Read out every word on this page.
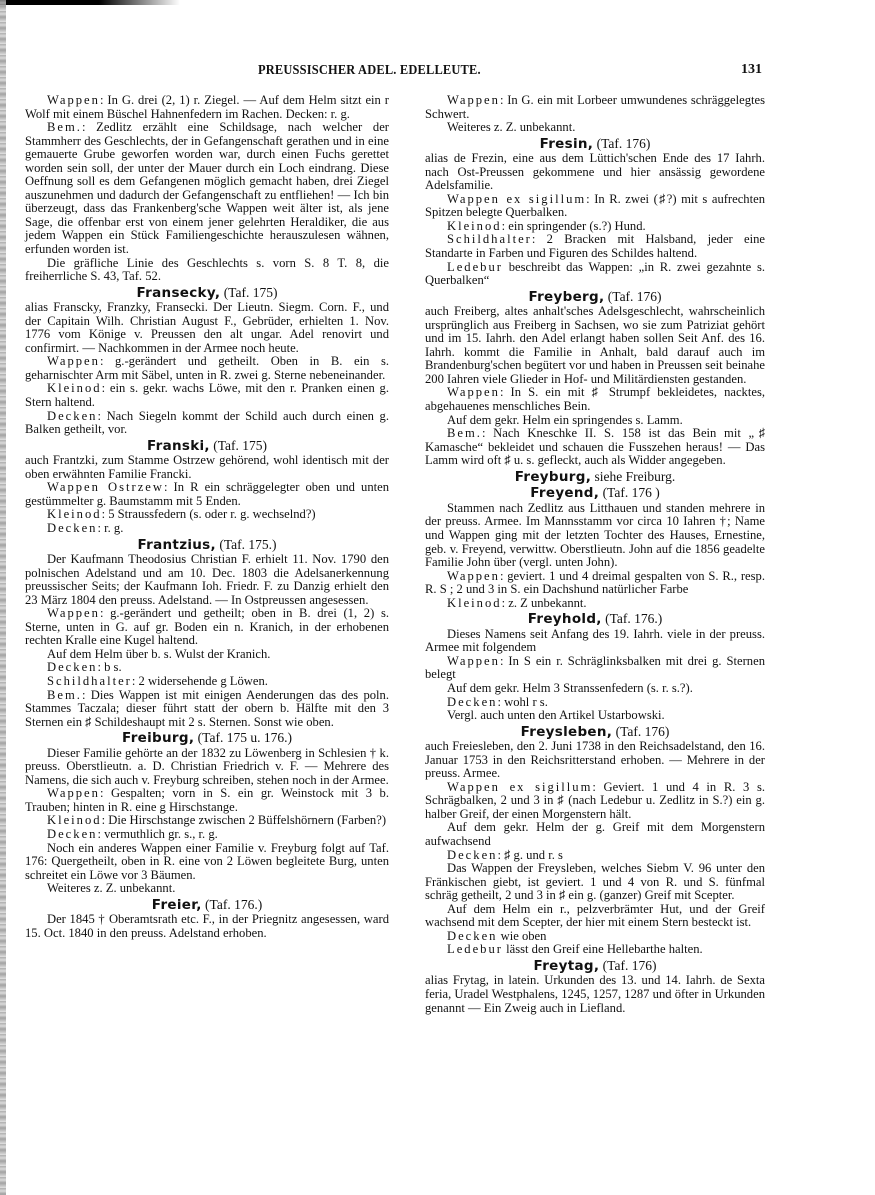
PREUSSISCHER ADEL. EDELLEUTE.	131

Wappen: In G. drei (2, 1) r. Ziegel. — Auf dem Helm sitzt ein r Wolf mit einem Büschel Hahnenfedern im Rachen. Decken: r. g.

Bem.: Zedlitz erzählt eine Schildsage, nach welcher der Stammherr des Geschlechts, der in Gefangenschaft gerathen und in eine gemauerte Grube geworfen worden war, durch einen Fuchs gerettet worden sein soll, der unter der Mauer durch ein Loch eindrang. Diese Oeffnung soll es dem Gefangenen möglich gemacht haben, drei Ziegel auszunehmen und dadurch der Gefangenschaft zu entfliehen! — Ich bin überzeugt, dass das Frankenberg'sche Wappen weit älter ist, als jene Sage, die offenbar erst von einem jener gelehrten Heraldiker, die aus jedem Wappen ein Stück Familiengeschichte herauszulesen wähnen, erfunden worden ist.

Die gräfliche Linie des Geschlechts s. vorn S. 8 T. 8, die freiherrliche S. 43, Taf. 52.

Fransecky, (Taf. 175)

alias Franscky, Franzky, Fransecki. Der Lieutn. Siegm. Corn. F., und der Capitain Wilh. Christian August F., Gebrüder, erhielten 1. Nov. 1776 vom Könige v. Preussen den alt ungar. Adel renovirt und confirmirt. — Nachkommen in der Armee noch heute.

Wappen: g.-gerändert und getheilt. Oben in B. ein s. geharnischter Arm mit Säbel, unten in R. zwei g. Sterne nebeneinander.

Kleinod: ein s. gekr. wachs Löwe, mit den r. Pranken einen g. Stern haltend.

Decken: Nach Siegeln kommt der Schild auch durch einen g. Balken getheilt, vor.

Franski, (Taf. 175)

auch Frantzki, zum Stamme Ostrzew gehörend, wohl identisch mit der oben erwähnten Familie Francki.

Wappen Ostrzew: In R ein schräggelegter oben und unten gestümmelter g. Baumstamm mit 5 Enden.

Kleinod: 5 Straussfedern (s. oder r. g. wechselnd?)

Decken: r. g.

Frantzius, (Taf. 175.)

Der Kaufmann Theodosius Christian F. erhielt 11. Nov. 1790 den polnischen Adelstand und am 10. Dec. 1803 die Adelsanerkennung preussischer Seits; der Kaufmann Ioh. Friedr. F. zu Danzig erhielt den 23 März 1804 den preuss. Adelstand. — In Ostpreussen angesessen.

Wappen: g.-gerändert und getheilt; oben in B. drei (1, 2) s. Sterne, unten in G. auf gr. Boden ein n. Kranich, in der erhobenen rechten Kralle eine Kugel haltend.

Auf dem Helm über b. s. Wulst der Kranich.

Decken: b s.

Schildhalter: 2 widersehende g Löwen.

Bem.: Dies Wappen ist mit einigen Aenderungen das des poln. Stammes Taczala; dieser führt statt der obern b. Hälfte mit den 3 Sternen ein ♯ Schildeshaupt mit 2 s. Sternen. Sonst wie oben.

Freiburg, (Taf. 175 u. 176.)

Dieser Familie gehörte an der 1832 zu Löwenberg in Schlesien † k. preuss. Oberstlieutn. a. D. Christian Friedrich v. F. — Mehrere des Namens, die sich auch v. Freyburg schreiben, stehen noch in der Armee.

Wappen: Gespalten; vorn in S. ein gr. Weinstock mit 3 b. Trauben; hinten in R. eine g Hirschstange.

Kleinod: Die Hirschstange zwischen 2 Büffelshörnern (Farben?)

Decken: vermuthlich gr. s., r. g.

Noch ein anderes Wappen einer Familie v. Freyburg folgt auf Taf. 176: Quergetheilt, oben in R. eine von 2 Löwen begleitete Burg, unten schreitet ein Löwe vor 3 Bäumen.

Weiteres z. Z. unbekannt.

Freier, (Taf. 176.)

Der 1845 † Oberamtsrath etc. F., in der Priegnitz angesessen, ward 15. Oct. 1840 in den preuss. Adelstand erhoben.

Wappen: In G. ein mit Lorbeer umwundenes schräggelegtes Schwert.

Weiteres z. Z. unbekannt.

Fresin, (Taf. 176)

alias de Frezin, eine aus dem Lüttich'schen Ende des 17 Iahrh. nach Ost-Preussen gekommene und hier ansässig gewordene Adelsfamilie.

Wappen ex sigillum: In R. zwei (♯?) mit s aufrechten Spitzen belegte Querbalken.

Kleinod: ein springender (s.?) Hund.

Schildhalter: 2 Bracken mit Halsband, jeder eine Standarte in Farben und Figuren des Schildes haltend.

Ledebur beschreibt das Wappen: „in R. zwei gezahnte s. Querbalken“

Freyberg, (Taf. 176)

auch Freiberg, altes anhalt'sches Adelsgeschlecht, wahrscheinlich ursprünglich aus Freiberg in Sachsen, wo sie zum Patriziat gehört und im 15. Iahrh. den Adel erlangt haben sollen Seit Anf. des 16. Iahrh. kommt die Familie in Anhalt, bald darauf auch im Brandenburg'schen begütert vor und haben in Preussen seit beinahe 200 Iahren viele Glieder in Hof- und Militärdiensten gestanden.

Wappen: In S. ein mit ♯ Strumpf bekleidetes, nacktes, abgehauenes menschliches Bein.

Auf dem gekr. Helm ein springendes s. Lamm.

Bem.: Nach Kneschke II. S. 158 ist das Bein mit „♯ Kamasche“ bekleidet und schauen die Fusszehen heraus! — Das Lamm wird oft ♯ u. s. gefleckt, auch als Widder angegeben.

Freyburg, siehe Freiburg.
Freyend, (Taf. 176 )

Stammen nach Zedlitz aus Litthauen und standen mehrere in der preuss. Armee. Im Mannsstamm vor circa 10 Iahren †; Name und Wappen ging mit der letzten Tochter des Hauses, Ernestine, geb. v. Freyend, verwittw. Oberstlieutn. John auf die 1856 geadelte Familie John über (vergl. unten John).

Wappen: geviert. 1 und 4 dreimal gespalten von S. R., resp. R. S ; 2 und 3 in S. ein Dachshund natürlicher Farbe

Kleinod: z. Z unbekannt.

Freyhold, (Taf. 176.)

Dieses Namens seit Anfang des 19. Iahrh. viele in der preuss. Armee mit folgendem

Wappen: In S ein r. Schräglinksbalken mit drei g. Sternen belegt

Auf dem gekr. Helm 3 Stranssenfedern (s. r. s.?).

Decken: wohl r s.

Vergl. auch unten den Artikel Ustarbowski.

Freysleben, (Taf. 176)

auch Freiesleben, den 2. Juni 1738 in den Reichsadelstand, den 16. Januar 1753 in den Reichsritterstand erhoben. — Mehrere in der preuss. Armee.

Wappen ex sigillum: Geviert. 1 und 4 in R. 3 s. Schrägbalken, 2 und 3 in ♯ (nach Ledebur u. Zedlitz in S.?) ein g. halber Greif, der einen Morgenstern hält.

Auf dem gekr. Helm der g. Greif mit dem Morgenstern aufwachsend

Decken: ♯ g. und r. s

Das Wappen der Freysleben, welches Siebm V. 96 unter den Fränkischen giebt, ist geviert. 1 und 4 von R. und S. fünfmal schräg getheilt, 2 und 3 in ♯ ein g. (ganzer) Greif mit Scepter.

Auf dem Helm ein r., pelzverbrämter Hut, und der Greif wachsend mit dem Scepter, der hier mit einem Stern besteckt ist.

Decken wie oben

Ledebur lässt den Greif eine Hellebarthe halten.

Freytag, (Taf. 176)

alias Frytag, in latein. Urkunden des 13. und 14. Iahrh. de Sexta feria, Uradel Westphalens, 1245, 1257, 1287 und öfter in Urkunden genannt — Ein Zweig auch in Liefland.
